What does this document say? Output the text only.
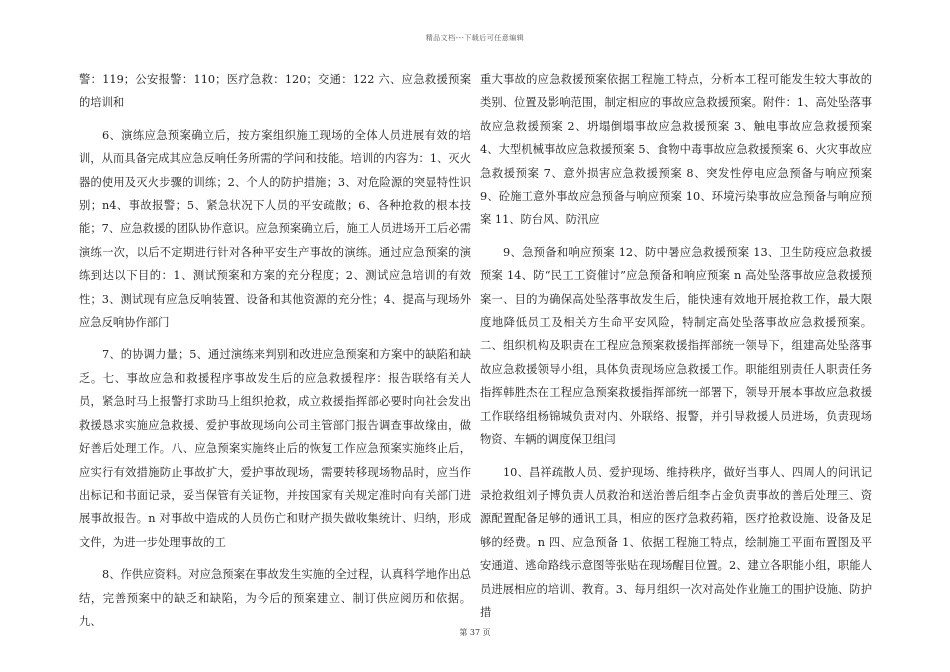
精品文档---下载后可任意编辑

警：119；公安报警：110；医疗急救：120；交通：122 六、应急救援预案的培训和

6、演练应急预案确立后，按方案组织施工现场的全体人员进展有效的培训，从而具备完成其应急反响任务所需的学问和技能。培训的内容为：1、灭火器的使用及灭火步骤的训练；2、个人的防护措施；3、对危险源的突显特性识别；n4、事故报警；5、紧急状况下人员的平安疏散；6、各种抢救的根本技能；7、应急救援的团队协作意识。应急预案确立后，施工人员进场开工后必需演练一次，以后不定期进行针对各种平安生产事故的演练。通过应急预案的演练到达以下目的：1、测试预案和方案的充分程度；2、测试应急培训的有效性；3、测试现有应急反响装置、设备和其他资源的充分性；4、提高与现场外应急反响协作部门

7、的协调力量；5、通过演练来判别和改进应急预案和方案中的缺陷和缺乏。七、事故应急和救援程序事故发生后的应急救援程序：报告联络有关人员，紧急时马上报警打求助马上组织抢救，成立救援指挥部必要时向社会发出救援恳求实施应急救援、爱护事故现场向公司主管部门报告调查事故缘由，做好善后处理工作。八、应急预案实施终止后的恢复工作应急预案实施终止后，应实行有效措施防止事故扩大，爱护事故现场，需要转移现场物品时，应当作出标记和书面记录，妥当保管有关证物，并按国家有关规定准时向有关部门进展事故报告。n 对事故中造成的人员伤亡和财产损失做收集统计、归纳，形成文件，为进一步处理事故的工

8、作供应资料。对应急预案在事故发生实施的全过程，认真科学地作出总结，完善预案中的缺乏和缺陷，为今后的预案建立、制订供应阅历和依据。九、

重大事故的应急救援预案依据工程施工特点，分析本工程可能发生较大事故的类别、位置及影响范围，制定相应的事故应急救援预案。附件：1、高处坠落事故应急救援预案 2、坍塌倒塌事故应急救援预案 3、触电事故应急救援预案 4、大型机械事故应急救援预案 5、食物中毒事故应急救援预案 6、火灾事故应急救援预案 7、意外损害应急救援预案 8、突发性停电应急预备与响应预案 9、砼施工意外事故应急预备与响应预案 10、环境污染事故应急预备与响应预案 11、防台风、防汛应

9、急预备和响应预案 12、防中暑应急救援预案 13、卫生防疫应急救援预案 14、防“民工工资催讨”应急预备和响应预案 n 高处坠落事故应急救援预案一、目的为确保高处坠落事故发生后，能快速有效地开展抢救工作，最大限度地降低员工及相关方生命平安风险，特制定高处坠落事故应急救援预案。二、组织机构及职责在工程应急预案救援指挥部统一领导下，组建高处坠落事故应急救援领导小组，具体负责现场应急救援工作。职能组别责任人职责任务指挥韩胜杰在工程应急预案救援指挥部统一部署下，领导开展本事故应急救援工作联络组杨锦城负责对内、外联络、报警，并引导救援人员进场，负责现场物资、车辆的调度保卫组闫

10、昌祥疏散人员、爱护现场、维持秩序，做好当事人、四周人的问讯记录抢救组刘子博负责人员救治和送治善后组李占金负责事故的善后处理三、资源配置配备足够的通讯工具，相应的医疗急救药箱，医疗抢救设施、设备及足够的经费。n 四、应急预备 1、依据工程施工特点，绘制施工平面布置图及平安通道、逃命路线示意图等张贴在现场醒目位置。2、建立各职能小组，职能人员进展相应的培训、教育。3、每月组织一次对高处作业施工的围护设施、防护措

第 37 页
